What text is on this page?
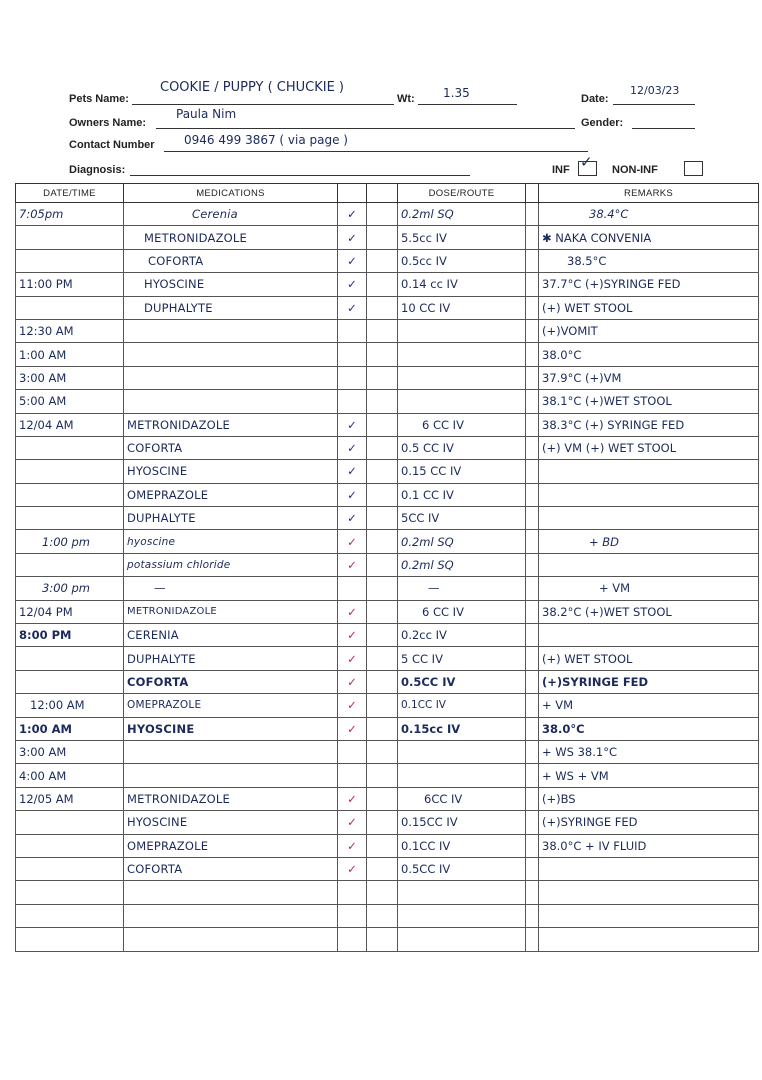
Pets Name:
COOKIE / PUPPY ( CHUCKIE )
Wt: 1.35	Date:
12/03/23
Owners Name:
Paula Nim
Gender:
Contact Number 0946 499 3867 ( via page )
Diagnosis:	INF ✓ NON-INF
DATE/TIME	MEDICATIONS			DOSE/ROUTE		REMARKS
7:05pm	Cerenia	✓		0.2ml SQ		38.4°C
	METRONIDAZOLE	✓		5.5cc IV		✱ NAKA CONVENIA
	COFORTA	✓		0.5cc IV		38.5°C
11:00 PM	HYOSCINE	✓		0.14 cc IV		37.7°C (+)SYRINGE FED
	DUPHALYTE	✓		10 CC IV		(+) WET STOOL
12:30 AM						(+)VOMIT
1:00 AM						38.0°C
3:00 AM						37.9°C (+)VM
5:00 AM						38.1°C (+)WET STOOL
12/04 AM	METRONIDAZOLE	✓		6 CC IV		38.3°C (+) SYRINGE FED
	COFORTA	✓		0.5 CC IV		(+) VM (+) WET STOOL
	HYOSCINE	✓		0.15 CC IV		
	OMEPRAZOLE	✓		0.1 CC IV		
	DUPHALYTE	✓		5CC IV		
1:00 pm	hyoscine	✓		0.2ml SQ		+ BD
	potassium chloride	✓		0.2ml SQ		
3:00 pm	—			—		+ VM
12/04 PM	METRONIDAZOLE	✓		6 CC IV		38.2°C (+)WET STOOL
8:00 PM	CERENIA	✓		0.2cc IV		
	DUPHALYTE	✓		5 CC IV		(+) WET STOOL
	COFORTA	✓		0.5CC IV		(+)SYRINGE FED
12:00 AM	OMEPRAZOLE	✓		0.1CC IV		+ VM
1:00 AM	HYOSCINE	✓		0.15cc IV		38.0°C
3:00 AM						+ WS 38.1°C
4:00 AM						+ WS + VM
12/05 AM	METRONIDAZOLE	✓		6CC IV		(+)BS
	HYOSCINE	✓		0.15CC IV		(+)SYRINGE FED
	OMEPRAZOLE	✓		0.1CC IV		38.0°C + IV FLUID
	COFORTA	✓		0.5CC IV		
